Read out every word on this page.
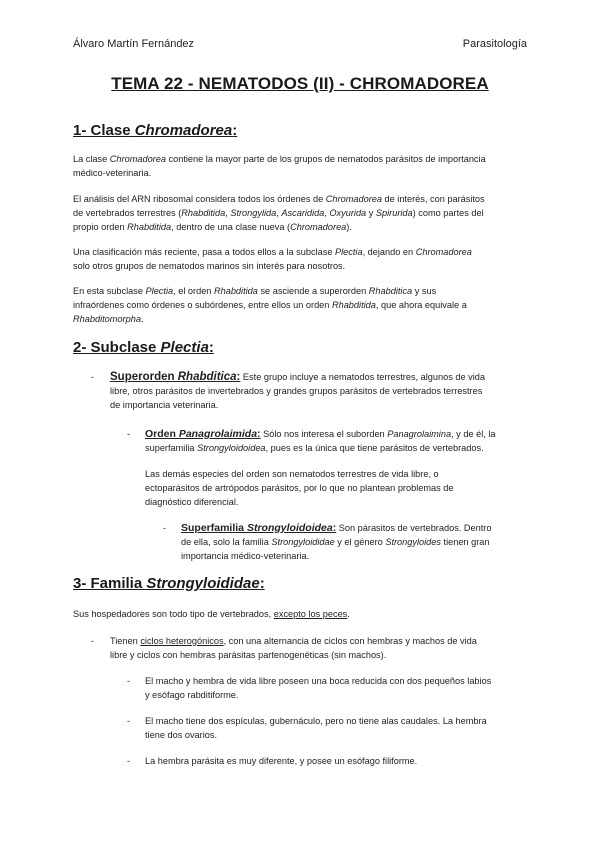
Álvaro Martín Fernández	Parasitología
TEMA 22 - NEMATODOS (II) - CHROMADOREA
1- Clase Chromadorea:
La clase Chromadorea contiene la mayor parte de los grupos de nematodos parásitos de importancia
médico-veterinaria.
El análisis del ARN ribosomal considera todos los órdenes de Chromadorea de interés, con parásitos
de vertebrados terrestres (Rhabditida, Strongylida, Ascaridida, Oxyurida y Spirurida) como partes del
propio orden Rhabditida, dentro de una clase nueva (Chromadorea).
Una clasificación más reciente, pasa a todos ellos a la subclase Plectia, dejando en Chromadorea
solo otros grupos de nematodos marinos sin interés para nosotros.
En esta subclase Plectia, el orden Rhabditida se asciende a superorden Rhabditica y sus
infraórdenes como órdenes o subórdenes, entre ellos un orden Rhabditida, que ahora equivale a
Rhabditomorpha.
2- Subclase Plectia:
- Superorden Rhabditica: Este grupo incluye a nematodos terrestres, algunos de vida
libre, otros parásitos de invertebrados y grandes grupos parásitos de vertebrados terrestres
de importancia veterinaria.
- Orden Panagrolaimida: Sólo nos interesa el suborden Panagrolaimina, y de él, la
superfamilia Strongyloidoidea, pues es la única que tiene parásitos de vertebrados.
Las demás especies del orden son nematodos terrestres de vida libre, o
ectoparásitos de artrópodos parásitos, por lo que no plantean problemas de
diagnóstico diferencial.
- Superfamilia Strongyloidoidea: Son párasitos de vertebrados. Dentro
de ella, solo la familia Strongyloididae y el género Strongyloides tienen gran
importancia médico-veterinaria.
3- Familia Strongyloididae:
Sus hospedadores son todo tipo de vertebrados, excepto los peces.
- Tienen ciclos heterogónicos, con una alternancia de ciclos con hembras y machos de vida
libre y ciclos con hembras parásitas partenogenéticas (sin machos).
- El macho y hembra de vida libre poseen una boca reducida con dos pequeños labios
y esófago rabditiforme.
- El macho tiene dos espículas, gubernáculo, pero no tiene alas caudales. La hembra
tiene dos ovarios.
- La hembra parásita es muy diferente, y posee un esófago filiforme.
